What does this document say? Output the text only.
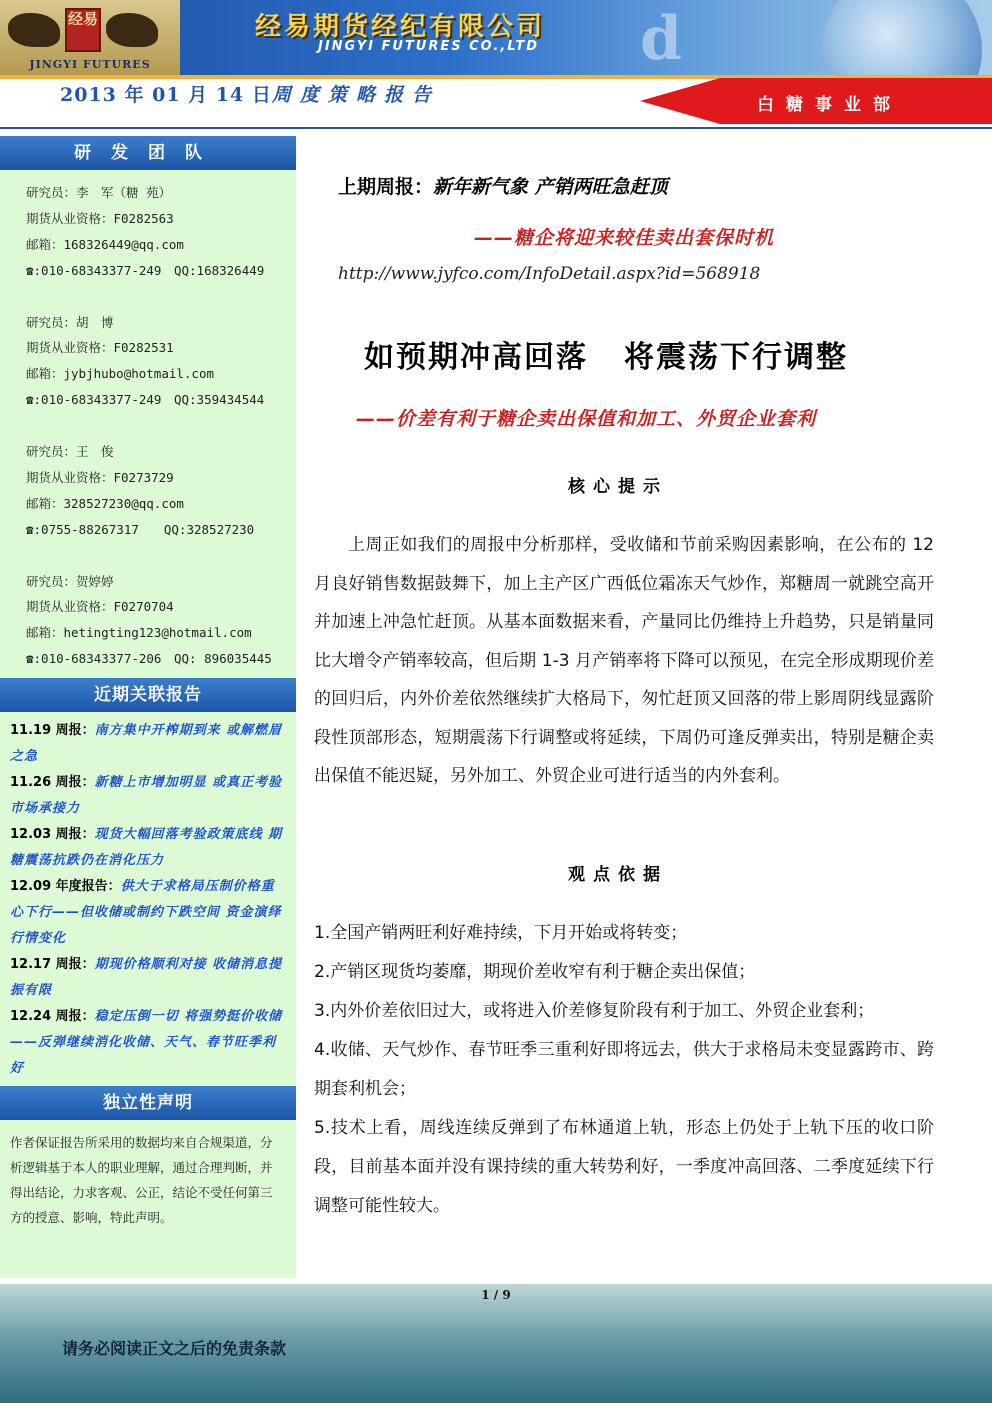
d
经易
JINGYI FUTURES
经易期货经纪有限公司
JINGYI FUTURES CO.,LTD
2013 年 01 月 14 日 周度策略报告	白糖事业部
研发团队
研究员：李　军（糖 苑）
期货从业资格：F0282563
邮箱：168326449@qq.com
☎:010-68343377-249　QQ:168326449
研究员：胡　博
期货从业资格：F0282531
邮箱：jybjhubo@hotmail.com
☎:010-68343377-249　QQ:359434544
研究员：王　俊
期货从业资格：F0273729
邮箱：328527230@qq.com
☎:0755-88267317　　QQ:328527230
研究员：贺婷婷
期货从业资格：F0270704
邮箱：hetingting123@hotmail.com
☎:010-68343377-206　QQ: 896035445
近期关联报告
11.19 周报：南方集中开榨期到来 或解燃眉之急
11.26 周报：新糖上市增加明显 或真正考验市场承接力
12.03 周报：现货大幅回落考验政策底线 期糖震荡抗跌仍在消化压力
12.09 年度报告：供大于求格局压制价格重心下行——但收储或制约下跌空间 资金演绎行情变化
12.17 周报：期现价格顺利对接 收储消息提振有限
12.24 周报：稳定压倒一切 将强势挺价收储 ——反弹继续消化收储、天气、春节旺季利好
独立性声明
作者保证报告所采用的数据均来自合规渠道，分析逻辑基于本人的职业理解，通过合理判断，并得出结论，力求客观、公正，结论不受任何第三方的授意、影响，特此声明。
上期周报：新年新气象 产销两旺急赶顶
——糖企将迎来较佳卖出套保时机
http://www.jyfco.com/InfoDetail.aspx?id=568918
如预期冲高回落 将震荡下行调整
——价差有利于糖企卖出保值和加工、外贸企业套利
核心提示
上周正如我们的周报中分析那样，受收储和节前采购因素影响，在公布的 12 月良好销售数据鼓舞下，加上主产区广西低位霜冻天气炒作，郑糖周一就跳空高开并加速上冲急忙赶顶。从基本面数据来看，产量同比仍维持上升趋势，只是销量同比大增令产销率较高，但后期 1-3 月产销率将下降可以预见，在完全形成期现价差的回归后，内外价差依然继续扩大格局下，匆忙赶顶又回落的带上影周阴线显露阶段性顶部形态，短期震荡下行调整或将延续，下周仍可逢反弹卖出，特别是糖企卖出保值不能迟疑，另外加工、外贸企业可进行适当的内外套利。
观点依据
1.全国产销两旺利好难持续，下月开始或将转变；
2.产销区现货均萎靡，期现价差收窄有利于糖企卖出保值；
3.内外价差依旧过大，或将进入价差修复阶段有利于加工、外贸企业套利；
4.收储、天气炒作、春节旺季三重利好即将远去，供大于求格局未变显露跨市、跨期套利机会；
5.技术上看，周线连续反弹到了布林通道上轨，形态上仍处于上轨下压的收口阶段，目前基本面并没有课持续的重大转势利好，一季度冲高回落、二季度延续下行调整可能性较大。
1 / 9
请务必阅读正文之后的免责条款
